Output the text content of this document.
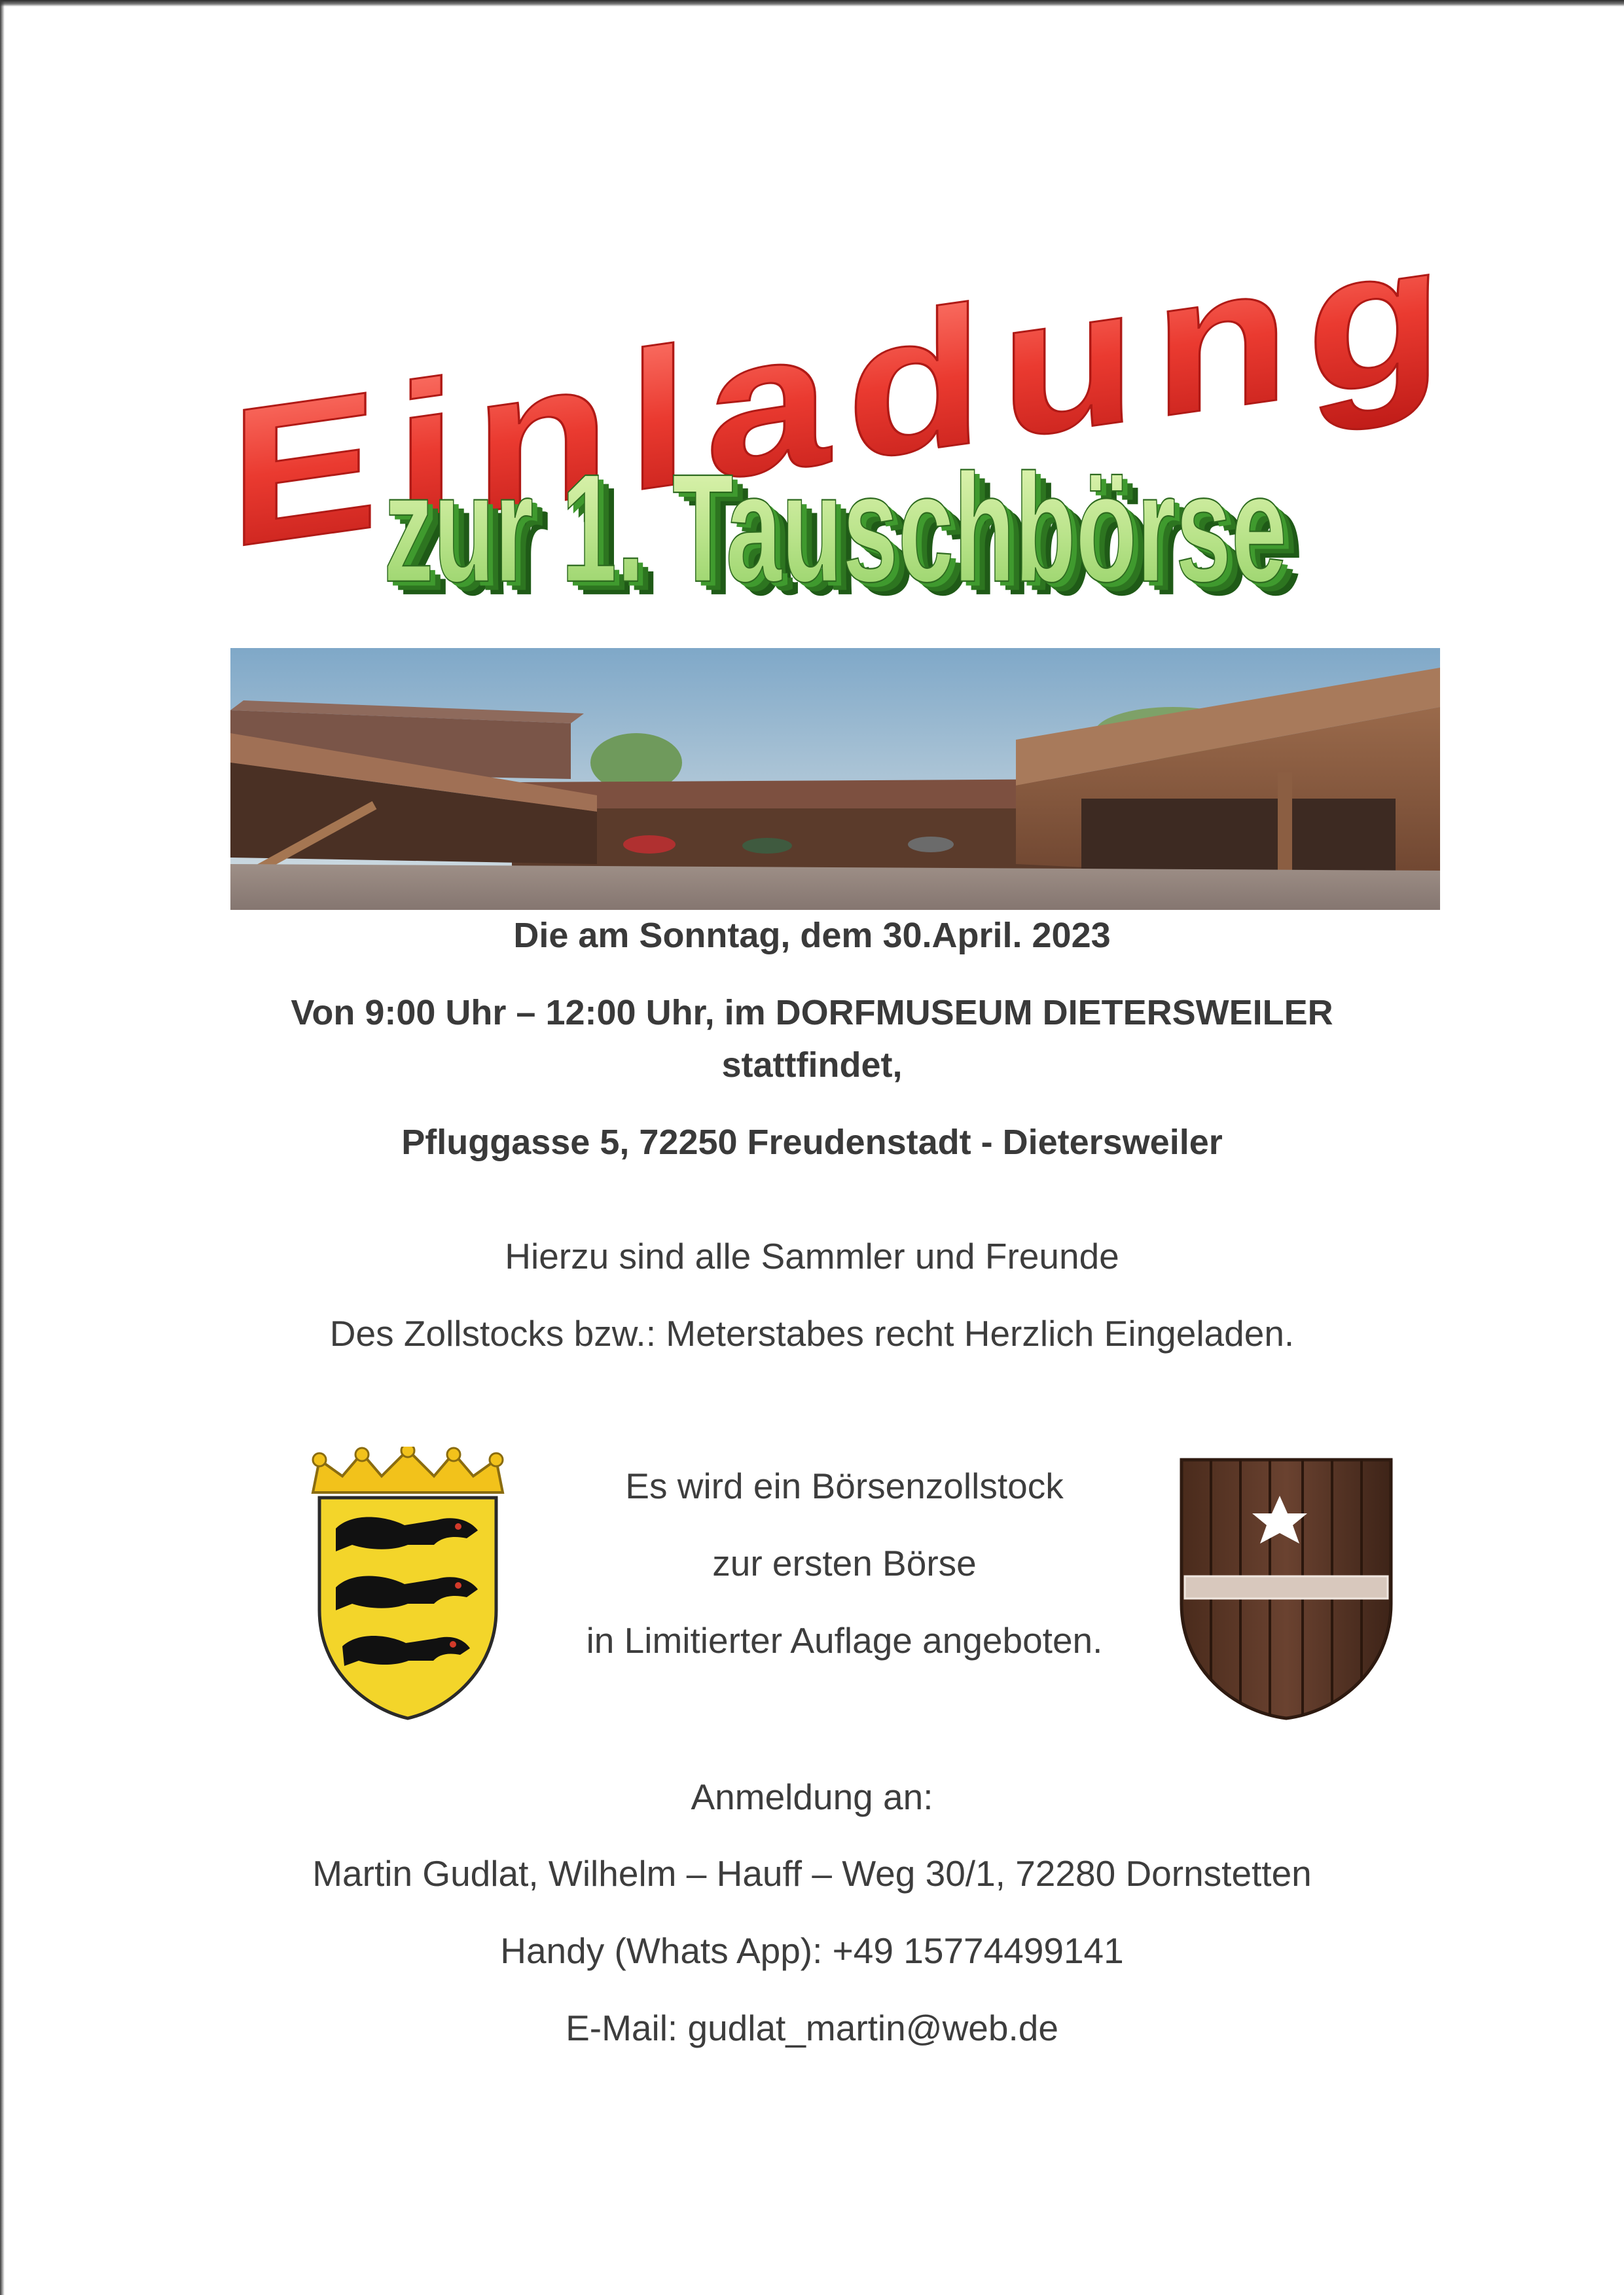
Einladung
zur 1. Tauschbörse
zur 1. Tauschbörse
zur 1. Tauschbörse
zur 1. Tauschbörse
Die am Sonntag, dem 30.April. 2023
Von 9:00 Uhr – 12:00 Uhr, im DORFMUSEUM DIETERSWEILER
stattfindet,
Pfluggasse 5, 72250 Freudenstadt - Dietersweiler
Hierzu sind alle Sammler und Freunde
Des Zollstocks bzw.: Meterstabes recht Herzlich Eingeladen.
Es wird ein Börsenzollstock
zur ersten Börse
in Limitierter Auflage angeboten.
Anmeldung an:
Martin Gudlat, Wilhelm – Hauff – Weg 30/1, 72280 Dornstetten
Handy (Whats App): +49 15774499141
E-Mail: gudlat_martin@web.de
